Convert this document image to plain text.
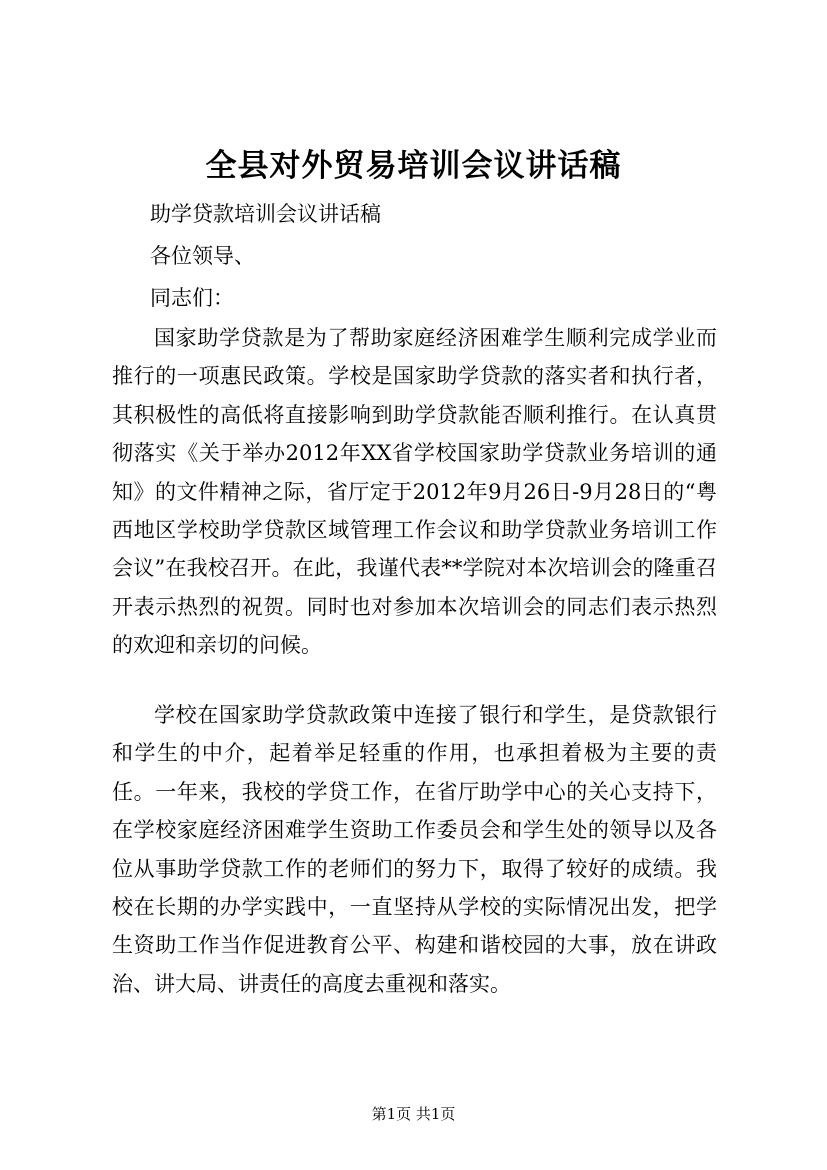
全县对外贸易培训会议讲话稿
助学贷款培训会议讲话稿
各位领导、
同志们：

国家助学贷款是为了帮助家庭经济困难学生顺利完成学业而推行的一项惠民政策。学校是国家助学贷款的落实者和执行者，其积极性的高低将直接影响到助学贷款能否顺利推行。在认真贯彻落实《关于举办2012年XX省学校国家助学贷款业务培训的通知》的文件精神之际，省厅定于2012年9月26日-9月28日的“粤西地区学校助学贷款区域管理工作会议和助学贷款业务培训工作会议”在我校召开。在此，我谨代表**学院对本次培训会的隆重召开表示热烈的祝贺。同时也对参加本次培训会的同志们表示热烈的欢迎和亲切的问候。

学校在国家助学贷款政策中连接了银行和学生，是贷款银行和学生的中介，起着举足轻重的作用，也承担着极为主要的责任。一年来，我校的学贷工作，在省厅助学中心的关心支持下，在学校家庭经济困难学生资助工作委员会和学生处的领导以及各位从事助学贷款工作的老师们的努力下，取得了较好的成绩。我校在长期的办学实践中，一直坚持从学校的实际情况出发，把学生资助工作当作促进教育公平、构建和谐校园的大事，放在讲政治、讲大局、讲责任的高度去重视和落实。

第1页 共1页
